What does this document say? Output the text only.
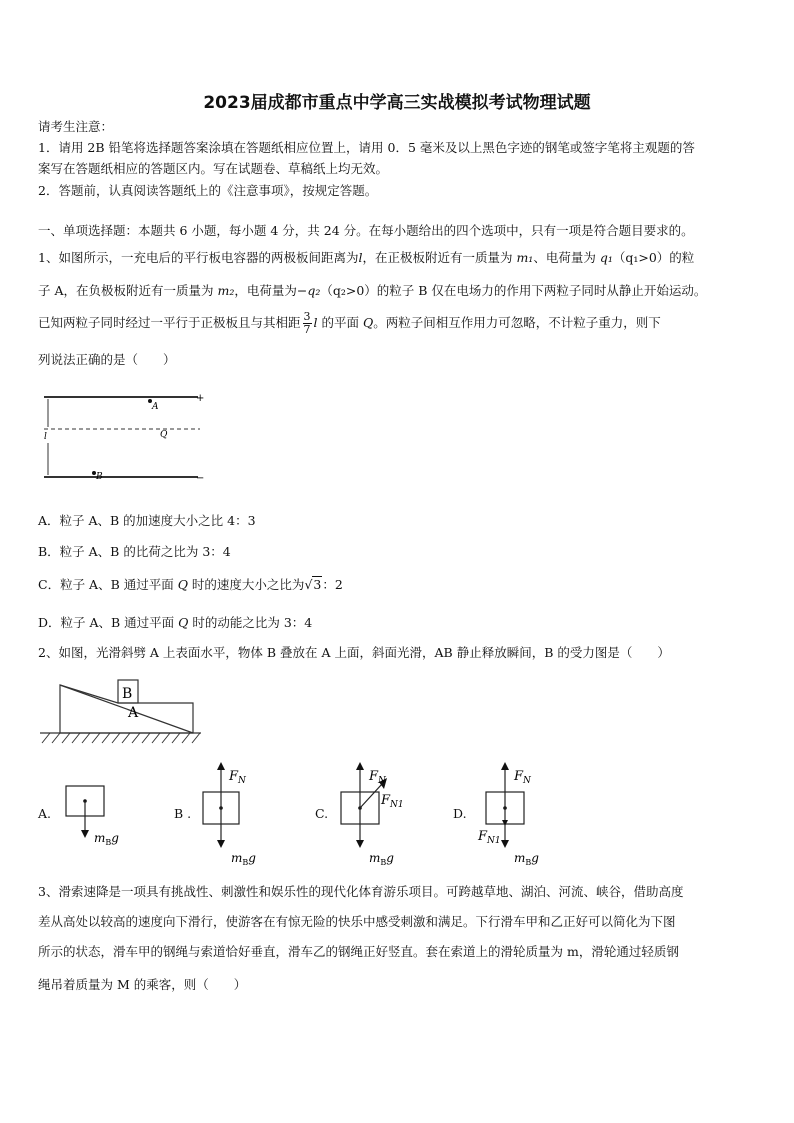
2023届成都市重点中学高三实战模拟考试物理试题
请考生注意：
1．请用 2B 铅笔将选择题答案涂填在答题纸相应位置上，请用 0．5 毫米及以上黑色字迹的钢笔或签字笔将主观题的答
案写在答题纸相应的答题区内。写在试题卷、草稿纸上均无效。
2．答题前，认真阅读答题纸上的《注意事项》，按规定答题。
一、单项选择题：本题共 6 小题，每小题 4 分，共 24 分。在每小题给出的四个选项中，只有一项是符合题目要求的。
1、如图所示，一充电后的平行板电容器的两极板间距离为l，在正极板附近有一质量为 m₁、电荷量为 q₁（q₁>0）的粒
子 A，在负极板附近有一质量为 m₂，电荷量为−q₂（q₂>0）的粒子 B 仅在电场力的作用下两粒子同时从静止开始运动。
已知两粒子同时经过一平行于正极板且与其相距 $\frac{3}{7}$ l 的平面 Q。两粒子间相互作用力可忽略，不计粒子重力，则下
列说法正确的是（　　）
A
Q
B
l
+
−
A．粒子 A、B 的加速度大小之比 4：3
B．粒子 A、B 的比荷之比为 3：4
C．粒子 A、B 通过平面 Q 时的速度大小之比为√3：2
D．粒子 A、B 通过平面 Q 时的动能之比为 3：4
2、如图，光滑斜劈 A 上表面水平，物体 B 叠放在 A 上面，斜面光滑，AB 静止释放瞬间，B 的受力图是（　　）
B
A
A.
$m_Bg$
B .
$F_N$
$m_Bg$
C.
$F_N$
$F_{N1}$
$m_Bg$
D.
$F_N$
$F_{N1}$
$m_Bg$
3、滑索速降是一项具有挑战性、刺激性和娱乐性的现代化体育游乐项目。可跨越草地、湖泊、河流、峡谷，借助高度
差从高处以较高的速度向下滑行，使游客在有惊无险的快乐中感受刺激和满足。下行滑车甲和乙正好可以简化为下图
所示的状态，滑车甲的钢绳与索道恰好垂直，滑车乙的钢绳正好竖直。套在索道上的滑轮质量为 m，滑轮通过轻质钢
绳吊着质量为 M 的乘客，则（　　）
